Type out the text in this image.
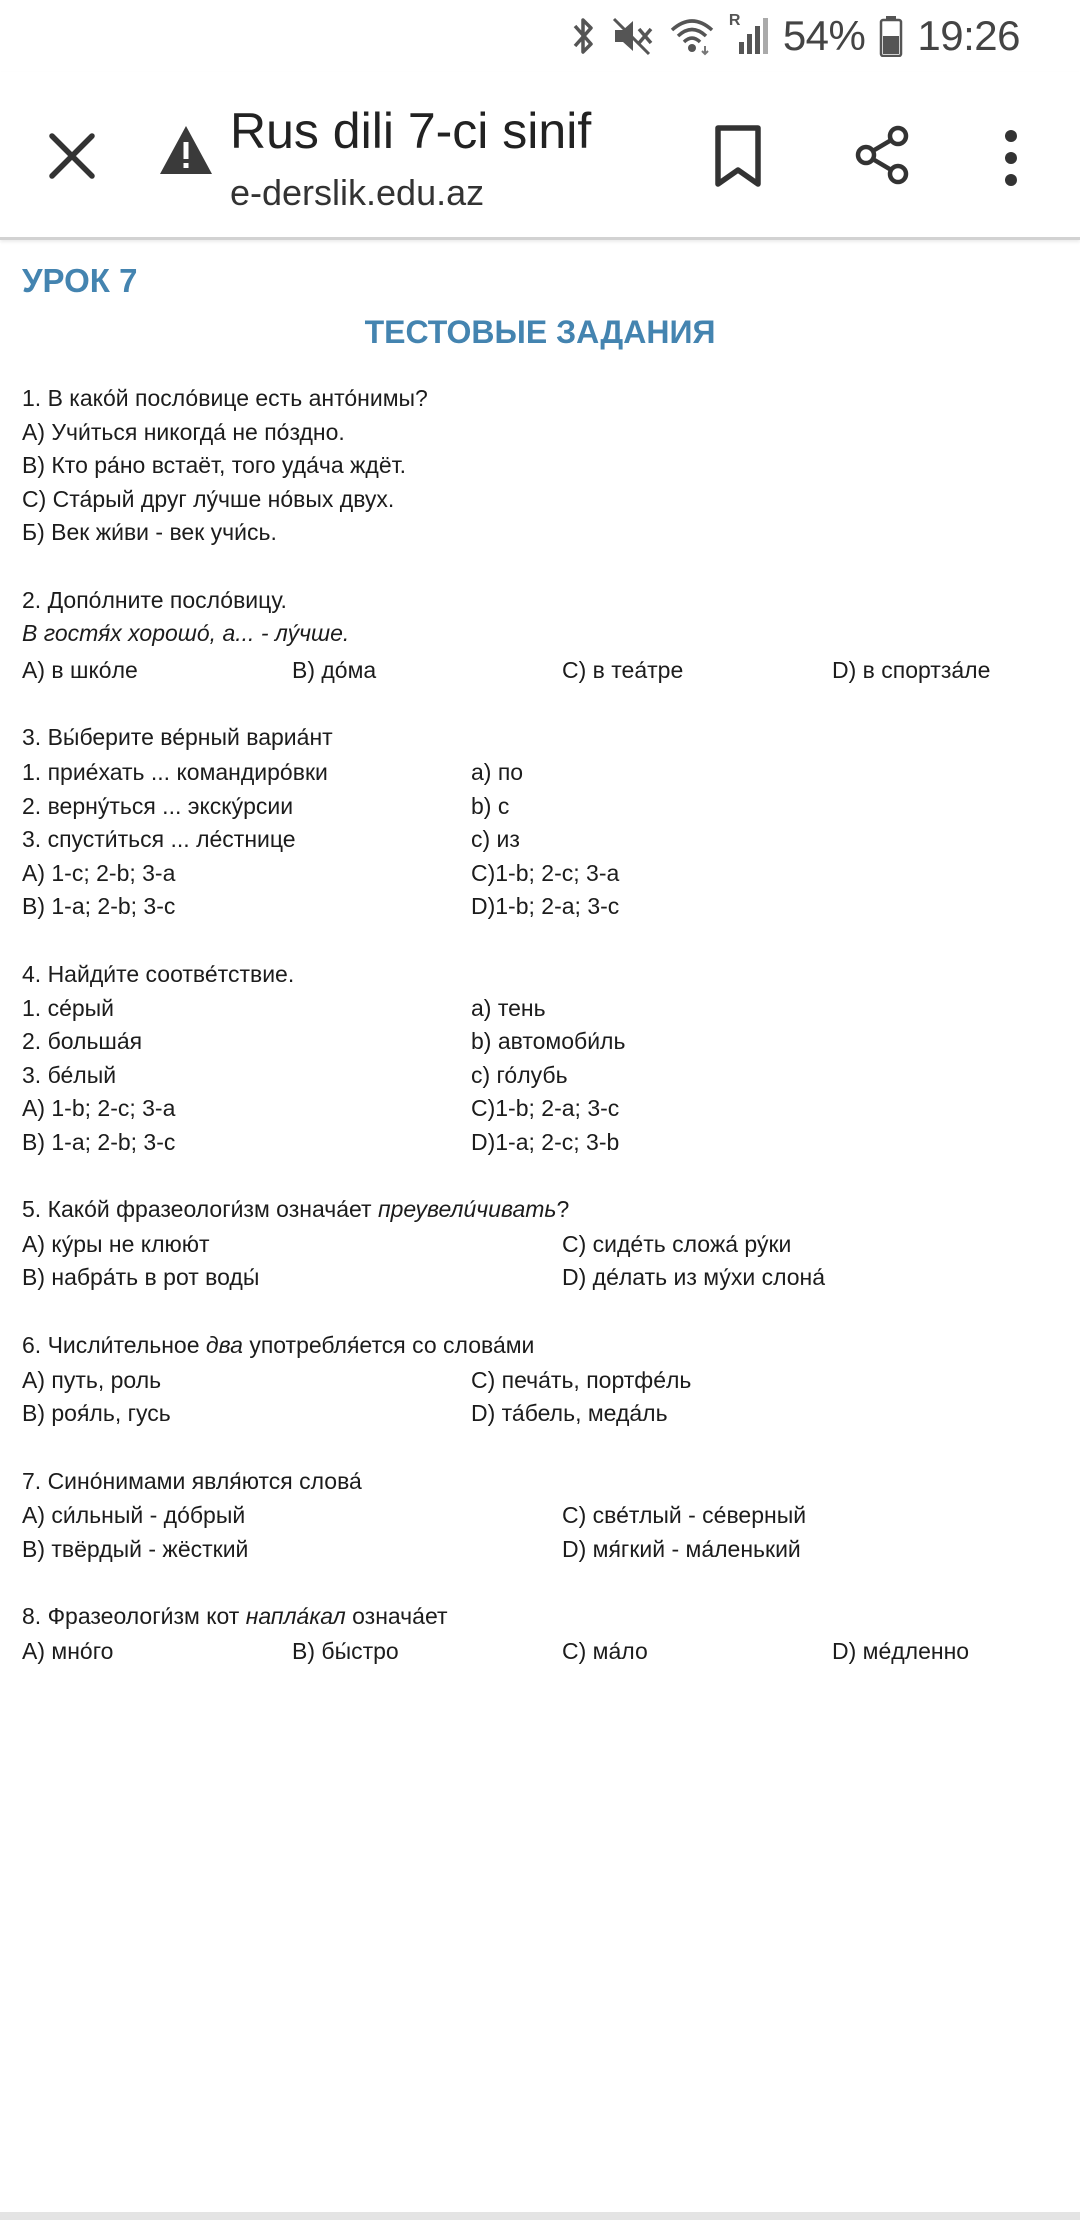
R 54% 19:26
Rus dili 7-ci sinif
e-derslik.edu.az
УРОК 7
ТЕСТОВЫЕ ЗАДАНИЯ
1. В како́й посло́вице есть анто́нимы?
A) Учи́ться никогда́ не по́здно.
B) Кто ра́но встаёт, того уда́ча ждёт.
C) Ста́рый друг лу́чше но́вых двух.
Б) Век жи́ви - век учи́сь.
2. Допо́лните посло́вицу.
В гостя́х хорошо́, а... - лу́чше.
A) в шко́ле	B) до́ма	C) в теа́тре	D) в спортза́ле
3. Вы́берите ве́рный вариа́нт
1. прие́хать ... командиро́вки	a) по
2. верну́ться ... экску́рсии	b) с
3. спусти́ться ... ле́стнице	c) из
A) 1-c; 2-b; 3-a	C)1-b; 2-c; 3-a
B) 1-a; 2-b; 3-c	D)1-b; 2-a; 3-c
4. Найди́те соотве́тствие.
1. се́рый	a) тень
2. больша́я	b) автомоби́ль
3. бе́лый	c) го́лубь
A) 1-b; 2-c; 3-a	C)1-b; 2-a; 3-c
B) 1-a; 2-b; 3-c	D)1-a; 2-c; 3-b
5. Како́й фразеологи́зм означа́ет преувели́чивать?
A) ку́ры не клюю́т	C) сиде́ть сложа́ ру́ки
B) набра́ть в рот воды́	D) де́лать из му́хи слона́
6. Числи́тельное два употребля́ется со слова́ми
A) путь, роль	C) печа́ть, портфе́ль
B) роя́ль, гусь	D) та́бель, меда́ль
7. Сино́нимами явля́ются слова́
A) си́льный - до́брый	C) све́тлый - се́верный
B) твёрдый - жёсткий	D) мя́гкий - ма́ленький
8. Фразеологи́зм кот напла́кал означа́ет
A) мно́го	B) бы́стро	C) ма́ло	D) ме́дленно
